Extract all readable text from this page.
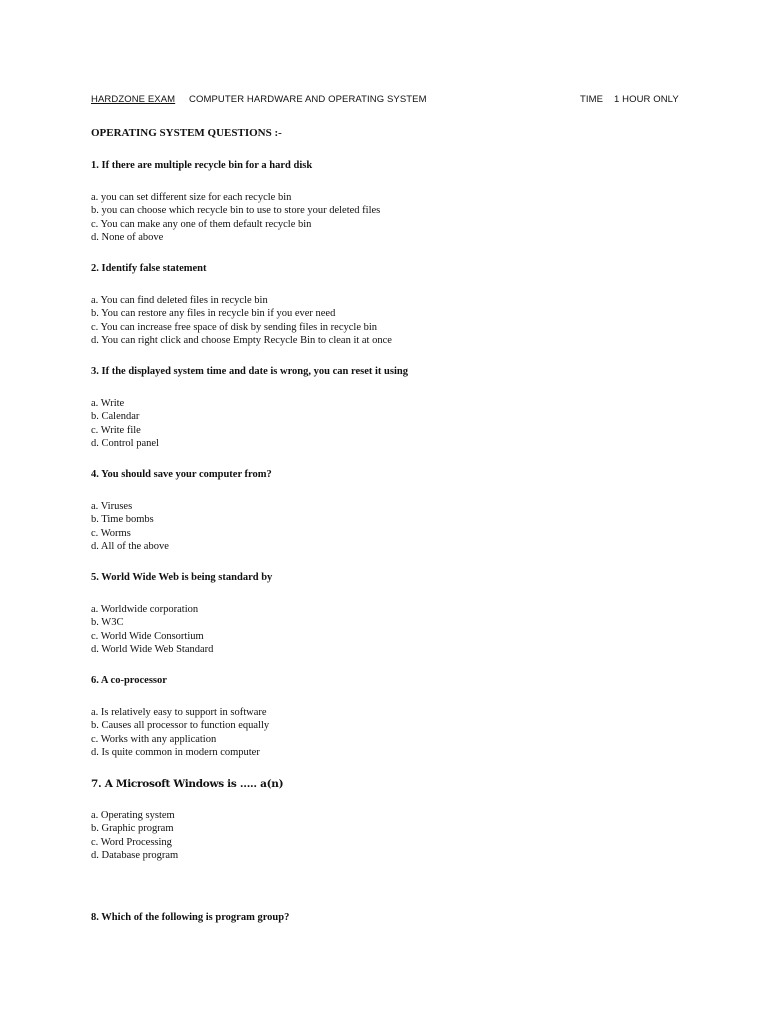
HARDZONE EXAM COMPUTER HARDWARE AND OPERATING SYSTEM	TIME 1 HOUR ONLY
OPERATING SYSTEM QUESTIONS :-
1. If there are multiple recycle bin for a hard disk
a. you can set different size for each recycle bin
b. you can choose which recycle bin to use to store your deleted files
c. You can make any one of them default recycle bin
d. None of above
2. Identify false statement
a. You can find deleted files in recycle bin
b. You can restore any files in recycle bin if you ever need
c. You can increase free space of disk by sending files in recycle bin
d. You can right click and choose Empty Recycle Bin to clean it at once
3. If the displayed system time and date is wrong, you can reset it using
a. Write
b. Calendar
c. Write file
d. Control panel
4. You should save your computer from?
a. Viruses
b. Time bombs
c. Worms
d. All of the above
5. World Wide Web is being standard by
a. Worldwide corporation
b. W3C
c. World Wide Consortium
d. World Wide Web Standard
6. A co-processor
a. Is relatively easy to support in software
b. Causes all processor to function equally
c. Works with any application
d. Is quite common in modern computer
7. A Microsoft Windows is ….. a(n)
a. Operating system
b. Graphic program
c. Word Processing
d. Database program
8. Which of the following is program group?
